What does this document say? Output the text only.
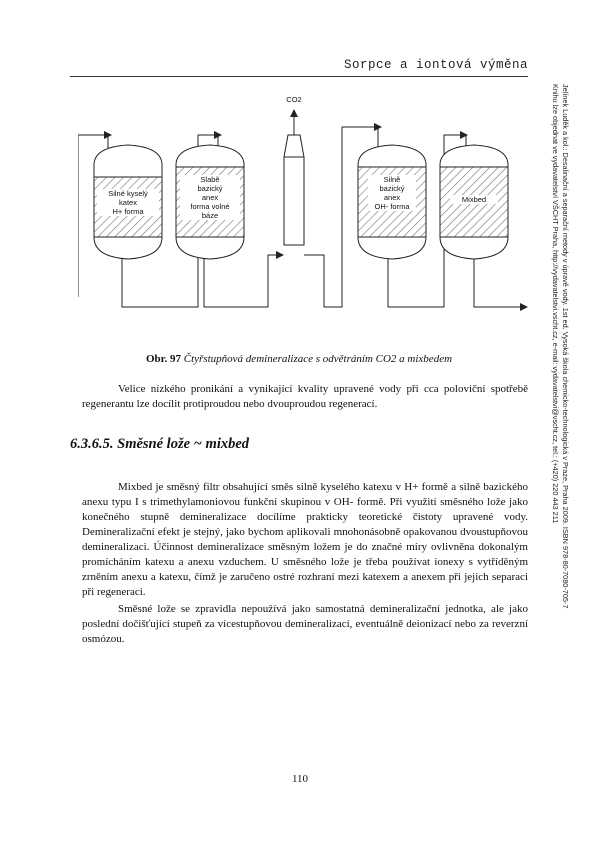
Sorpce a iontová výměna
Jelínek Luděk a kol.: Desalinační a separační metody v úpravě vody. 1st ed. Vysoká škola chemicko-technologická v Praze, Praha 2009. ISBN 978-80-7080-705-7
Knihu lze objednat ve vydavatelství VŠCHT Praha, http://vydavatelstvi.vscht.cz, e-mail: vydavatelstvi@vscht.cz, tel.: (+420) 220 443 211
CO2
Silné kyselý
katex
H+ forma
Slabě
bazický
anex
forma volné
báze
Silně
bazický
anex
OH- forma
Mixbed
Obr. 97 Čtyřstupňová demineralizace s odvětráním CO2 a mixbedem
Velice nízkého pronikání a vynikající kvality upravené vody při cca poloviční spotřebě regenerantu lze docílit protiproudou nebo dvouproudou regenerací.
6.3.6.5. Směsné lože ~ mixbed
Mixbed je směsný filtr obsahující směs silně kyselého katexu v H+ formě a silně bazického anexu typu I s trimethylamoniovou funkční skupinou v OH- formě. Při využití směsného lože jako konečného stupně demineralizace docílíme prakticky teoretické čistoty upravené vody. Demineralizační efekt je stejný, jako bychom aplikovali mnohonásobně opakovanou dvoustupňovou demineralizaci. Účinnost demineralizace směsným ložem je do značné míry ovlivněna dokonalým promícháním katexu a anexu vzduchem. U směsného lože je třeba používat ionexy s vytříděným zrněním anexu a katexu, čímž je zaručeno ostré rozhraní mezi katexem a anexem při jejich separaci při regeneraci.
Směsné lože se zpravidla nepoužívá jako samostatná demineralizační jednotka, ale jako poslední dočišťující stupeň za vícestupňovou demineralizací, eventuálně deionizací nebo za reverzní osmózou.
110
